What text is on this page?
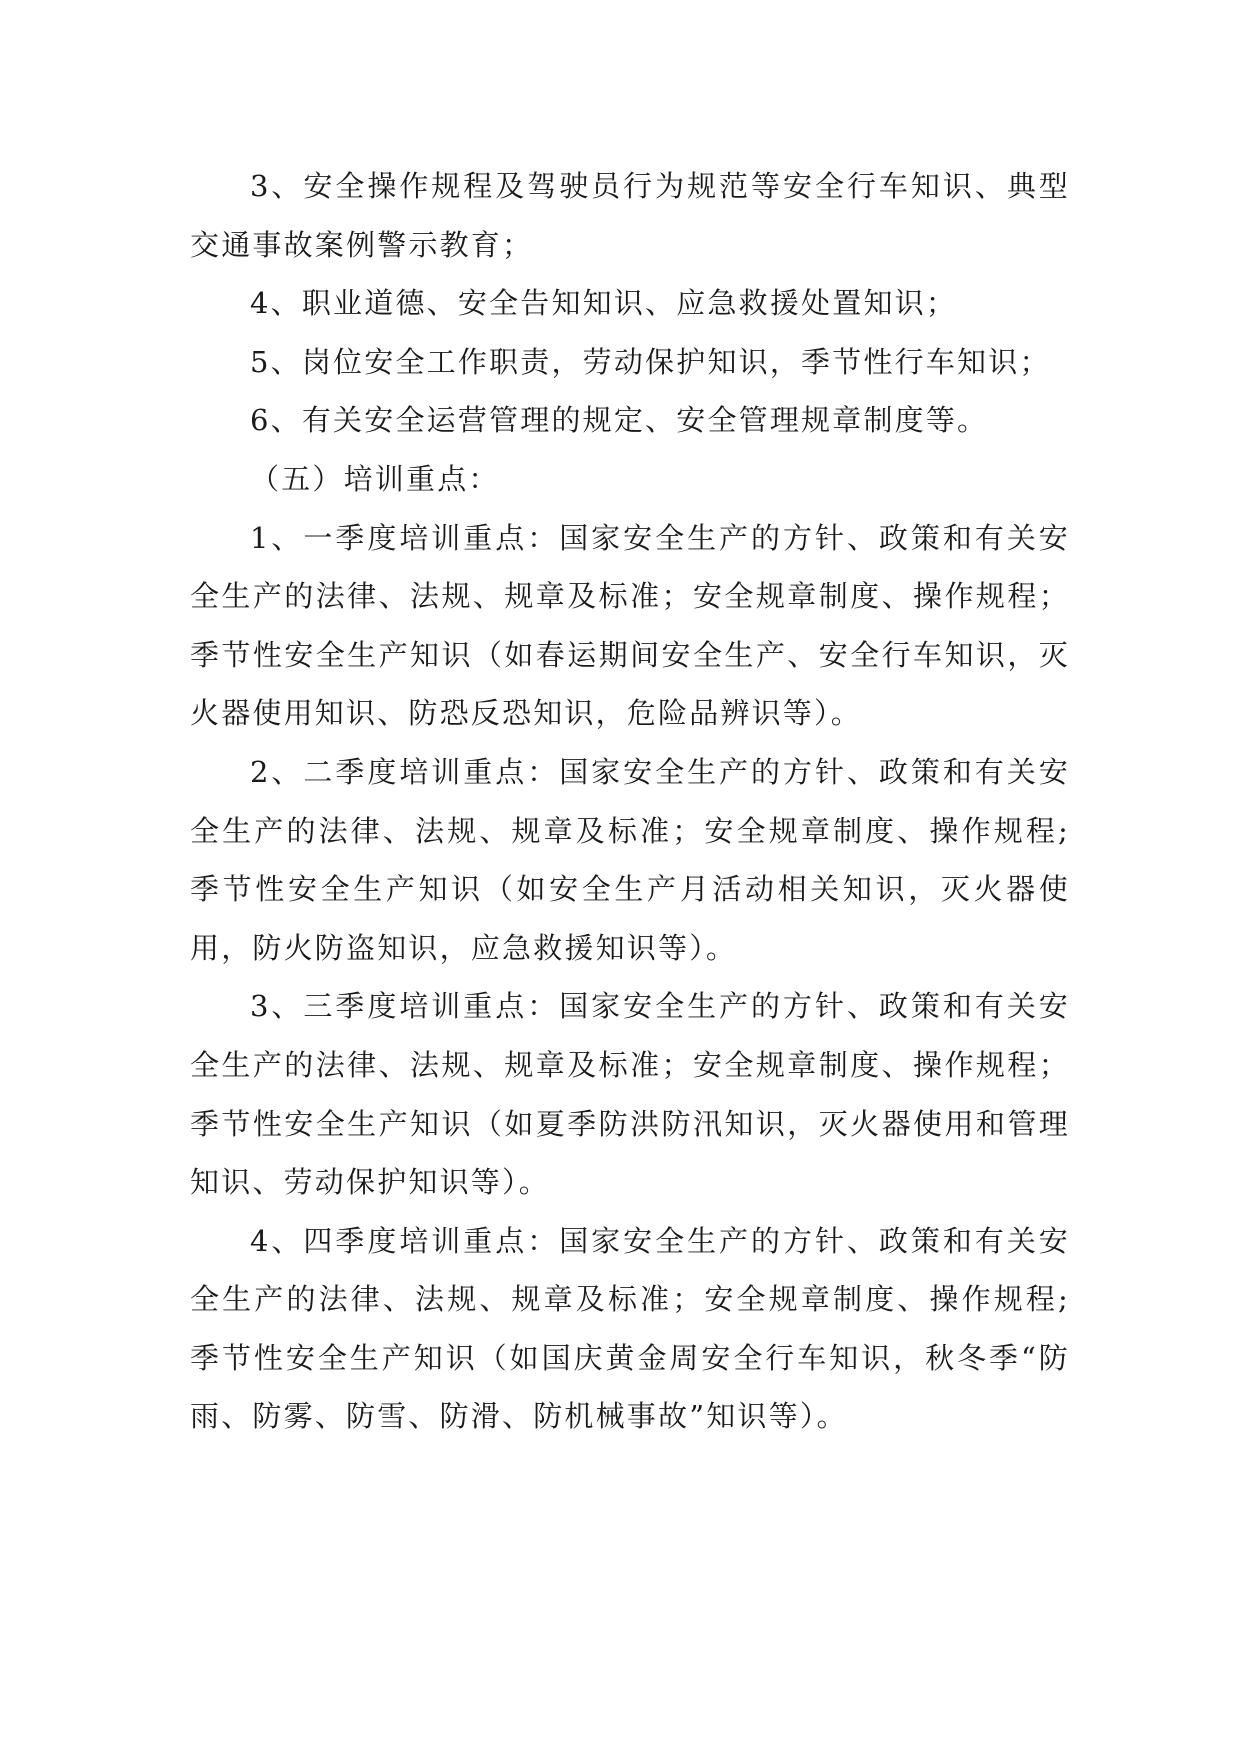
3、安全操作规程及驾驶员行为规范等安全行车知识、典型交通事故案例警示教育；

4、职业道德、安全告知知识、应急救援处置知识；

5、岗位安全工作职责，劳动保护知识，季节性行车知识；

6、有关安全运营管理的规定、安全管理规章制度等。

（五）培训重点：

1、一季度培训重点：国家安全生产的方针、政策和有关安全生产的法律、法规、规章及标准；安全规章制度、操作规程；季节性安全生产知识（如春运期间安全生产、安全行车知识，灭火器使用知识、防恐反恐知识，危险品辨识等）。

2、二季度培训重点：国家安全生产的方针、政策和有关安全生产的法律、法规、规章及标准；安全规章制度、操作规程;季节性安全生产知识（如安全生产月活动相关知识，灭火器使用，防火防盗知识，应急救援知识等）。

3、三季度培训重点：国家安全生产的方针、政策和有关安全生产的法律、法规、规章及标准；安全规章制度、操作规程；季节性安全生产知识（如夏季防洪防汛知识，灭火器使用和管理知识、劳动保护知识等）。

4、四季度培训重点：国家安全生产的方针、政策和有关安全生产的法律、法规、规章及标准；安全规章制度、操作规程;季节性安全生产知识（如国庆黄金周安全行车知识，秋冬季“防雨、防雾、防雪、防滑、防机械事故”知识等）。
